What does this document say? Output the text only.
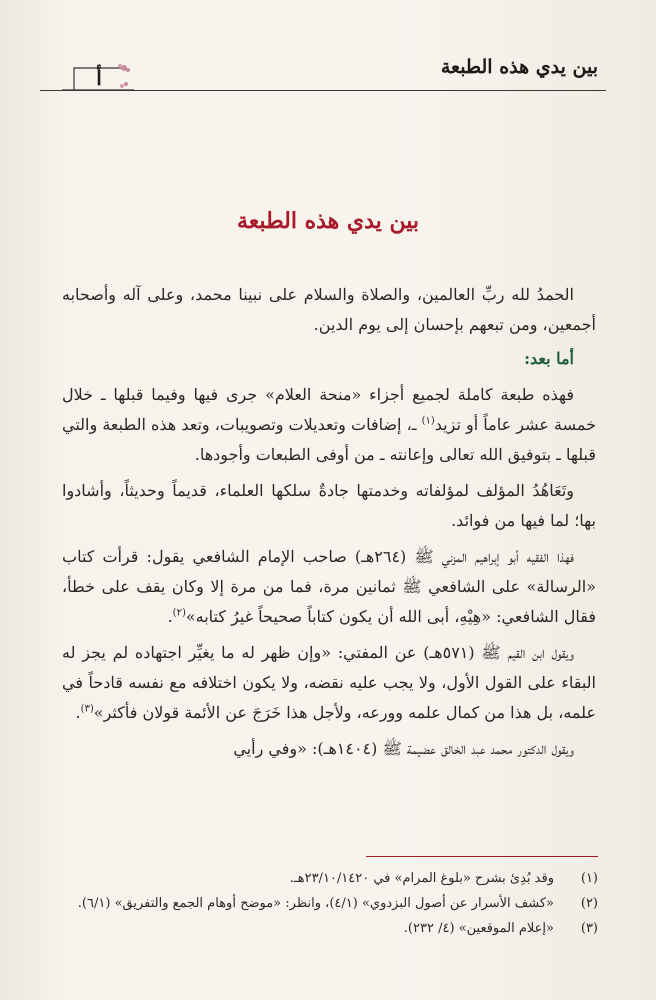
بين يدي هذه الطبعة
أ
بين يدي هذه الطبعة

الحمدُ لله ربِّ العالمين، والصلاة والسلام على نبينا محمد، وعلى آله وأصحابه أجمعين، ومن تبعهم بإحسان إلى يوم الدين.

أما بعد:

فهذه طبعة كاملة لجميع أجزاء «منحة العلام» جرى فيها وفيما قبلها ـ خلال خمسة عشر عاماً أو تزيد$^{(١)}$ ـ، إضافات وتعديلات وتصويبات، وتعد هذه الطبعة والتي قبلها ـ بتوفيق الله تعالى وإعانته ـ من أوفى الطبعات وأجودها.

وتَعَاهُدُ المؤلف لمؤلفاته وخدمتها جادةٌ سلكها العلماء، قديماً وحديثاً، وأشادوا بها؛ لما فيها من فوائد.

فهذا الفقيه أبو إبراهيم المزني ﷺ (٢٦٤هـ) صاحب الإمام الشافعي يقول: قرأت كتاب «الرسالة» على الشافعي ﷺ ثمانين مرة، فما من مرة إلا وكان يقف على خطأ، فقال الشافعي: «هِيْهِ، أبى الله أن يكون كتاباً صحيحاً غيرُ كتابه»$^{(٢)}$.

ويقول ابن القيم ﷺ (٥٧١هـ) عن المفتي: «وإن ظهر له ما يغيِّر اجتهاده لم يجز له البقاء على القول الأول، ولا يجب عليه نقضه، ولا يكون اختلافه مع نفسه قادحاً في علمه، بل هذا من كمال علمه وورعه، ولأجل هذا خَرَجَ عن الأئمة قولان فأكثر»$^{(٣)}$.

ويقول الدكتور محمد عبد الخالق عضيمة ﷺ (١٤٠٤هـ): «وفي رأيي

(١)
وقد بُدِئ بشرح «بلوغ المرام» في ٢٣/١٠/١٤٢٠هـ.

(٢)
«كشف الأسرار عن أصول البزدوي» (٤/١)، وانظر: «موضح أوهام الجمع والتفريق» (٦/١).

(٣)
«إعلام الموقعين» (٤/ ٢٣٢).
